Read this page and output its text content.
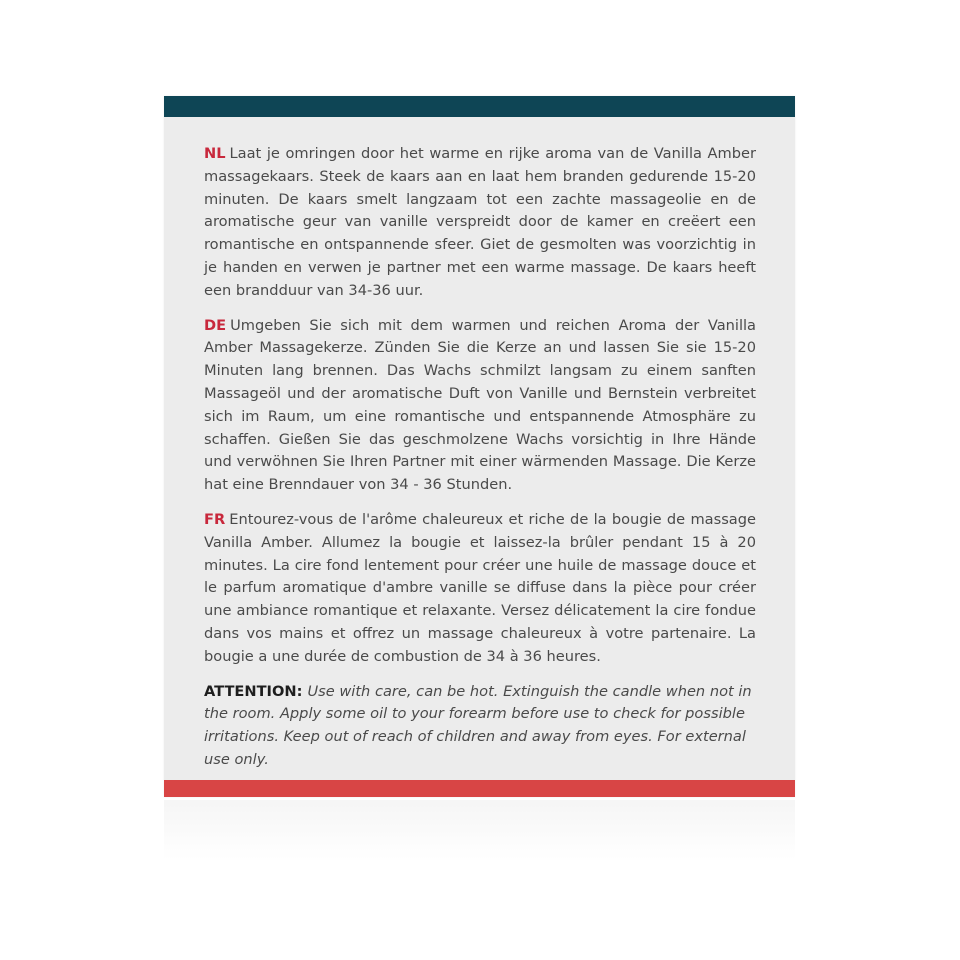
NL Laat je omringen door het warme en rijke aroma van de Vanilla Amber massagekaars. Steek de kaars aan en laat hem branden gedurende 15-20 minuten. De kaars smelt langzaam tot een zachte massageolie en de aromatische geur van vanille verspreidt door de kamer en creëert een romantische en ontspannende sfeer. Giet de gesmolten was voorzichtig in je handen en verwen je partner met een warme massage. De kaars heeft een brandduur van 34-36 uur.

DE Umgeben Sie sich mit dem warmen und reichen Aroma der Vanilla Amber Massagekerze. Zünden Sie die Kerze an und lassen Sie sie 15-20 Minuten lang brennen. Das Wachs schmilzt langsam zu einem sanften Massageöl und der aromatische Duft von Vanille und Bernstein verbreitet sich im Raum, um eine romantische und entspannende Atmosphäre zu schaffen. Gießen Sie das geschmolzene Wachs vorsichtig in Ihre Hände und verwöhnen Sie Ihren Partner mit einer wärmenden Massage. Die Kerze hat eine Brenndauer von 34 - 36 Stunden.

FR Entourez-vous de l'arôme chaleureux et riche de la bougie de massage Vanilla Amber. Allumez la bougie et laissez-la brûler pendant 15 à 20 minutes. La cire fond lentement pour créer une huile de massage douce et le parfum aromatique d'ambre vanille se diffuse dans la pièce pour créer une ambiance romantique et relaxante. Versez délicatement la cire fondue dans vos mains et offrez un massage chaleureux à votre partenaire. La bougie a une durée de combustion de 34 à 36 heures.

ATTENTION: Use with care, can be hot. Extinguish the candle when not in the room. Apply some oil to your forearm before use to check for possible irritations. Keep out of reach of children and away from eyes. For external use only.
